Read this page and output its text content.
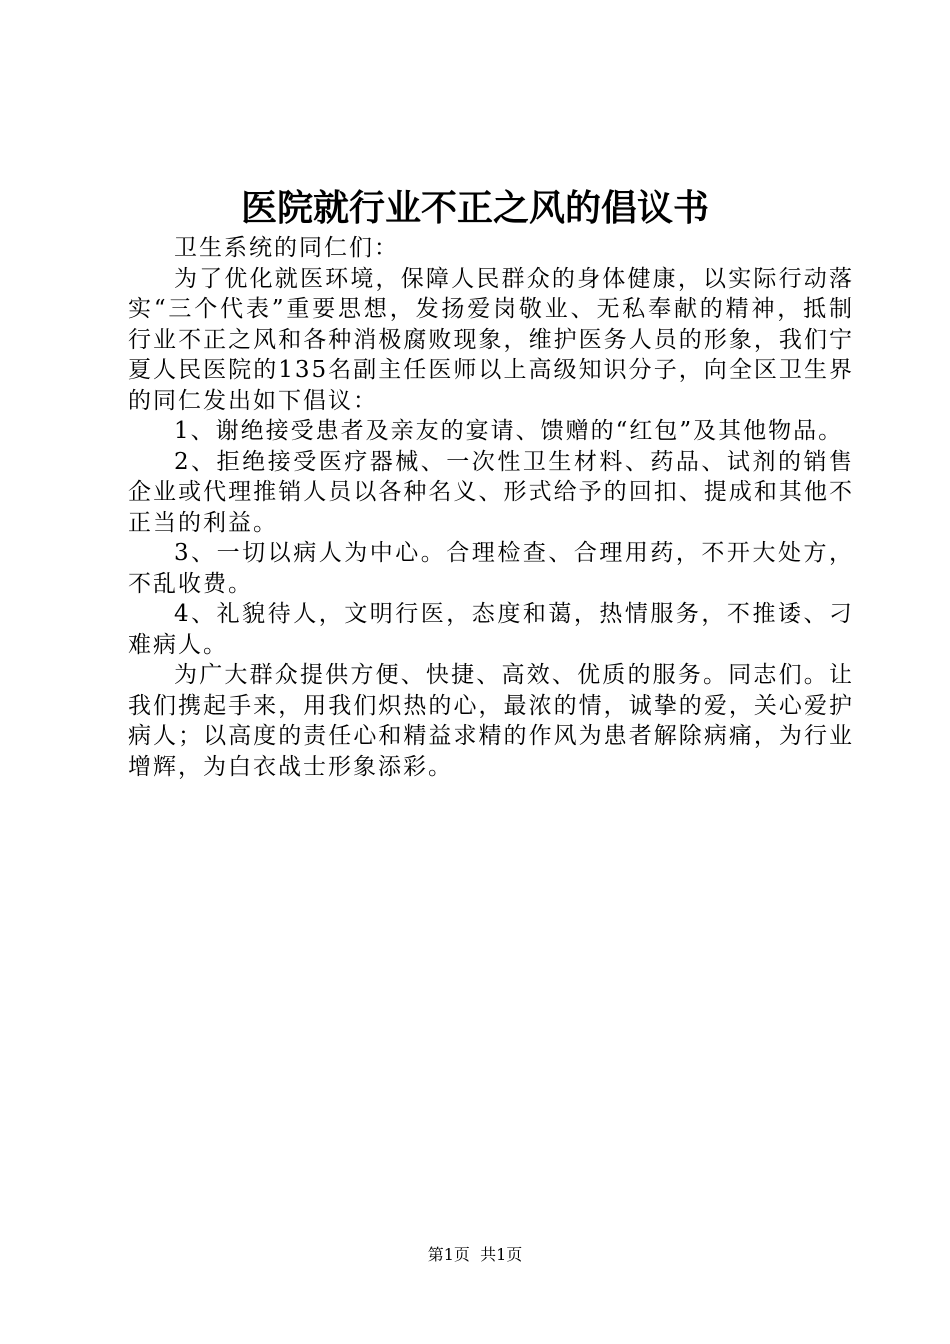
医院就行业不正之风的倡议书

卫生系统的同仁们：

为了优化就医环境，保障人民群众的身体健康，以实际行动落实“三个代表”重要思想，发扬爱岗敬业、无私奉献的精神，抵制行业不正之风和各种消极腐败现象，维护医务人员的形象，我们宁夏人民医院的135名副主任医师以上高级知识分子，向全区卫生界的同仁发出如下倡议：

1、谢绝接受患者及亲友的宴请、馈赠的“红包”及其他物品。

2、拒绝接受医疗器械、一次性卫生材料、药品、试剂的销售企业或代理推销人员以各种名义、形式给予的回扣、提成和其他不正当的利益。

3、一切以病人为中心。合理检查、合理用药，不开大处方，不乱收费。

4、礼貌待人，文明行医，态度和蔼，热情服务，不推诿、刁难病人。

为广大群众提供方便、快捷、高效、优质的服务。同志们。让我们携起手来，用我们炽热的心，最浓的情，诚挚的爱，关心爱护病人；以高度的责任心和精益求精的作风为患者解除病痛，为行业增辉，为白衣战士形象添彩。

第1页 共1页
